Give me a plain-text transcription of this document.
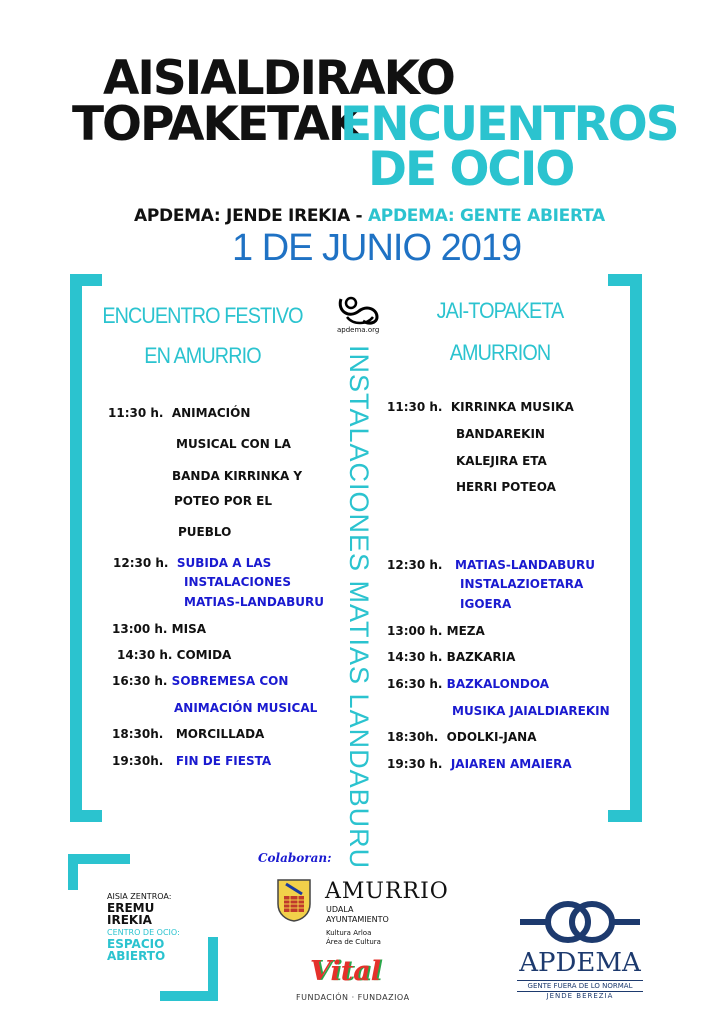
AISIALDIRAKO
TOPAKETAK
ENCUENTROS
DE OCIO
APDEMA: JENDE IREKIA - APDEMA: GENTE ABIERTA
1 DE JUNIO 2019
ENCUENTRO FESTIVO
EN AMURRIO
JAI-TOPAKETA
AMURRION
apdema.org
INSTALACIONES MATIAS LANDABURU
11:30 h. ANIMACIÓN
MUSICAL CON LA
BANDA KIRRINKA Y
POTEO POR EL
PUEBLO
12:30 h. SUBIDA A LAS
INSTALACIONES
MATIAS-LANDABURU
13:00 h. MISA
14:30 h. COMIDA
16:30 h. SOBREMESA CON
ANIMACIÓN MUSICAL
18:30h. MORCILLADA
19:30h. FIN DE FIESTA
11:30 h. KIRRINKA MUSIKA
BANDAREKIN
KALEJIRA ETA
HERRI POTEOA
12:30 h. MATIAS-LANDABURU
INSTALAZIOETARA
IGOERA
13:00 h. MEZA
14:30 h. BAZKARIA
16:30 h. BAZKALONDOA
MUSIKA JAIALDIAREKIN
18:30h. ODOLKI-JANA
19:30 h. JAIAREN AMAIERA
Colaboran:
AISIA ZENTROA:
EREMU
IREKIA
CENTRO DE OCIO:
ESPACIO
ABIERTO
AMURRIO
UDALA
AYUNTAMIENTO
Kultura Arloa
Área de Cultura
Vital
FUNDACIÓN · FUNDAZIOA
APDEMA
GENTE FUERA DE LO NORMAL
JENDE BEREZIA
